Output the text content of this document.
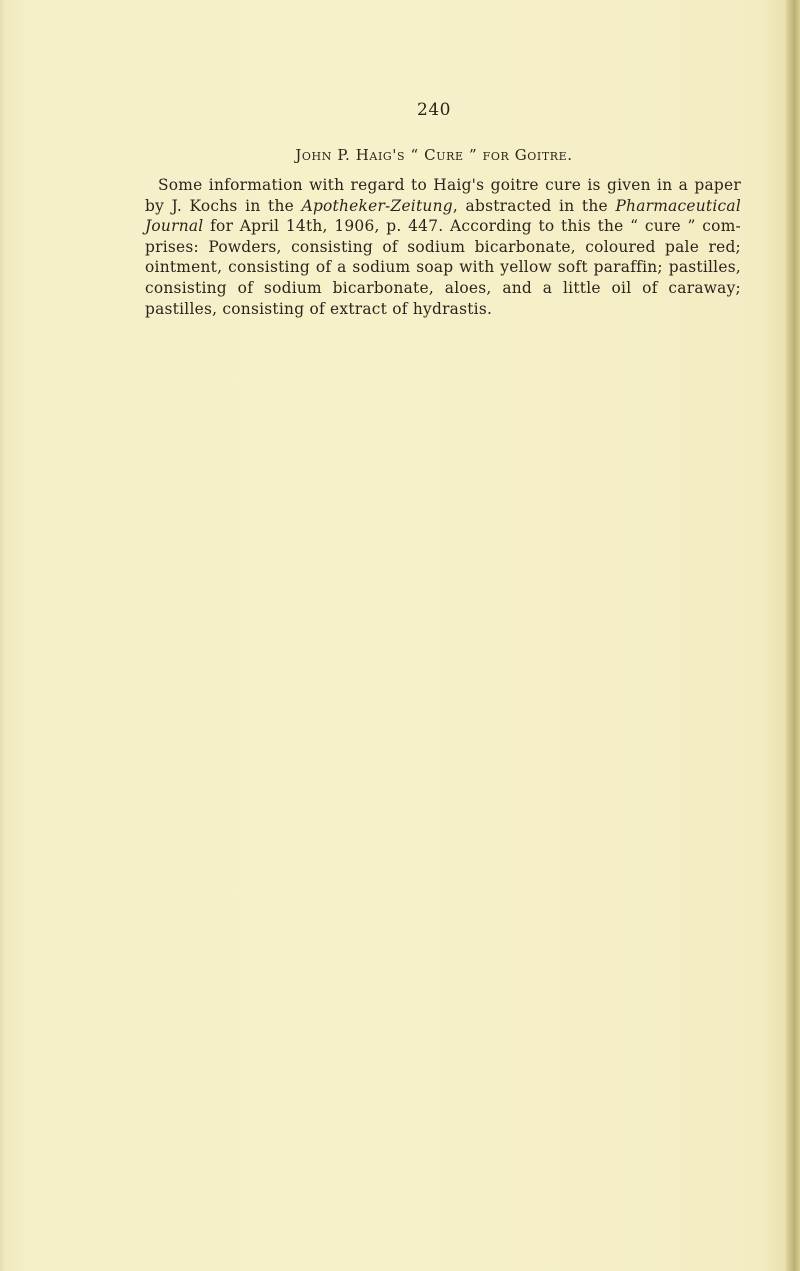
240
John P. Haig's “ Cure ” for Goitre.
Some information with regard to Haig's goitre cure is given in a paper
by J. Kochs in the Apotheker-Zeitung, abstracted in the Pharmaceutical
Journal for April 14th, 1906, p. 447. According to this the “ cure ” com-
prises: Powders, consisting of sodium bicarbonate, coloured pale red;
ointment, consisting of a sodium soap with yellow soft paraffin; pastilles,
consisting of sodium bicarbonate, aloes, and a little oil of caraway;
pastilles, consisting of extract of hydrastis.
